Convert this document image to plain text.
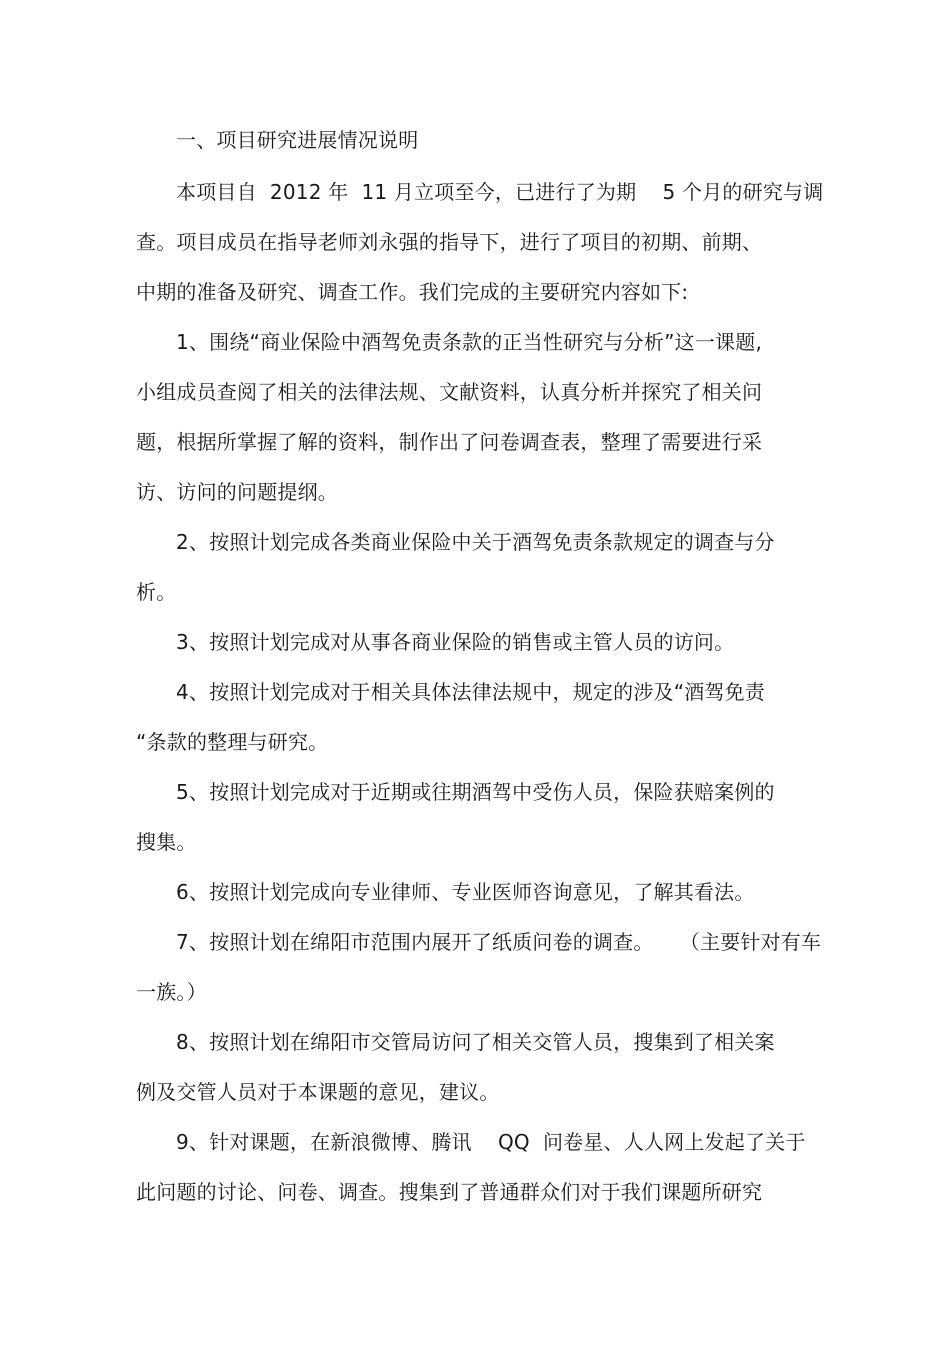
一、项目研究进展情况说明
本项目自  2012 年  11 月立项至今，已进行了为期    5 个月的研究与调
查。项目成员在指导老师刘永强的指导下，进行了项目的初期、前期、
中期的准备及研究、调查工作。我们完成的主要研究内容如下:
1、围绕“商业保险中酒驾免责条款的正当性研究与分析”这一课题,
小组成员查阅了相关的法律法规、文献资料，认真分析并探究了相关问
题，根据所掌握了解的资料，制作出了问卷调查表，整理了需要进行采
访、访问的问题提纲。
2、按照计划完成各类商业保险中关于酒驾免责条款规定的调查与分
析。
3、按照计划完成对从事各商业保险的销售或主管人员的访问。
4、按照计划完成对于相关具体法律法规中，规定的涉及“酒驾免责
“条款的整理与研究。
5、按照计划完成对于近期或往期酒驾中受伤人员，保险获赔案例的
搜集。
6、按照计划完成向专业律师、专业医师咨询意见，了解其看法。
7、按照计划在绵阳市范围内展开了纸质问卷的调查。    （主要针对有车
一族。）
8、按照计划在绵阳市交管局访问了相关交管人员，搜集到了相关案
例及交管人员对于本课题的意见，建议。
9、针对课题，在新浪微博、腾讯    QQ  问卷星、人人网上发起了关于
此问题的讨论、问卷、调查。搜集到了普通群众们对于我们课题所研究
